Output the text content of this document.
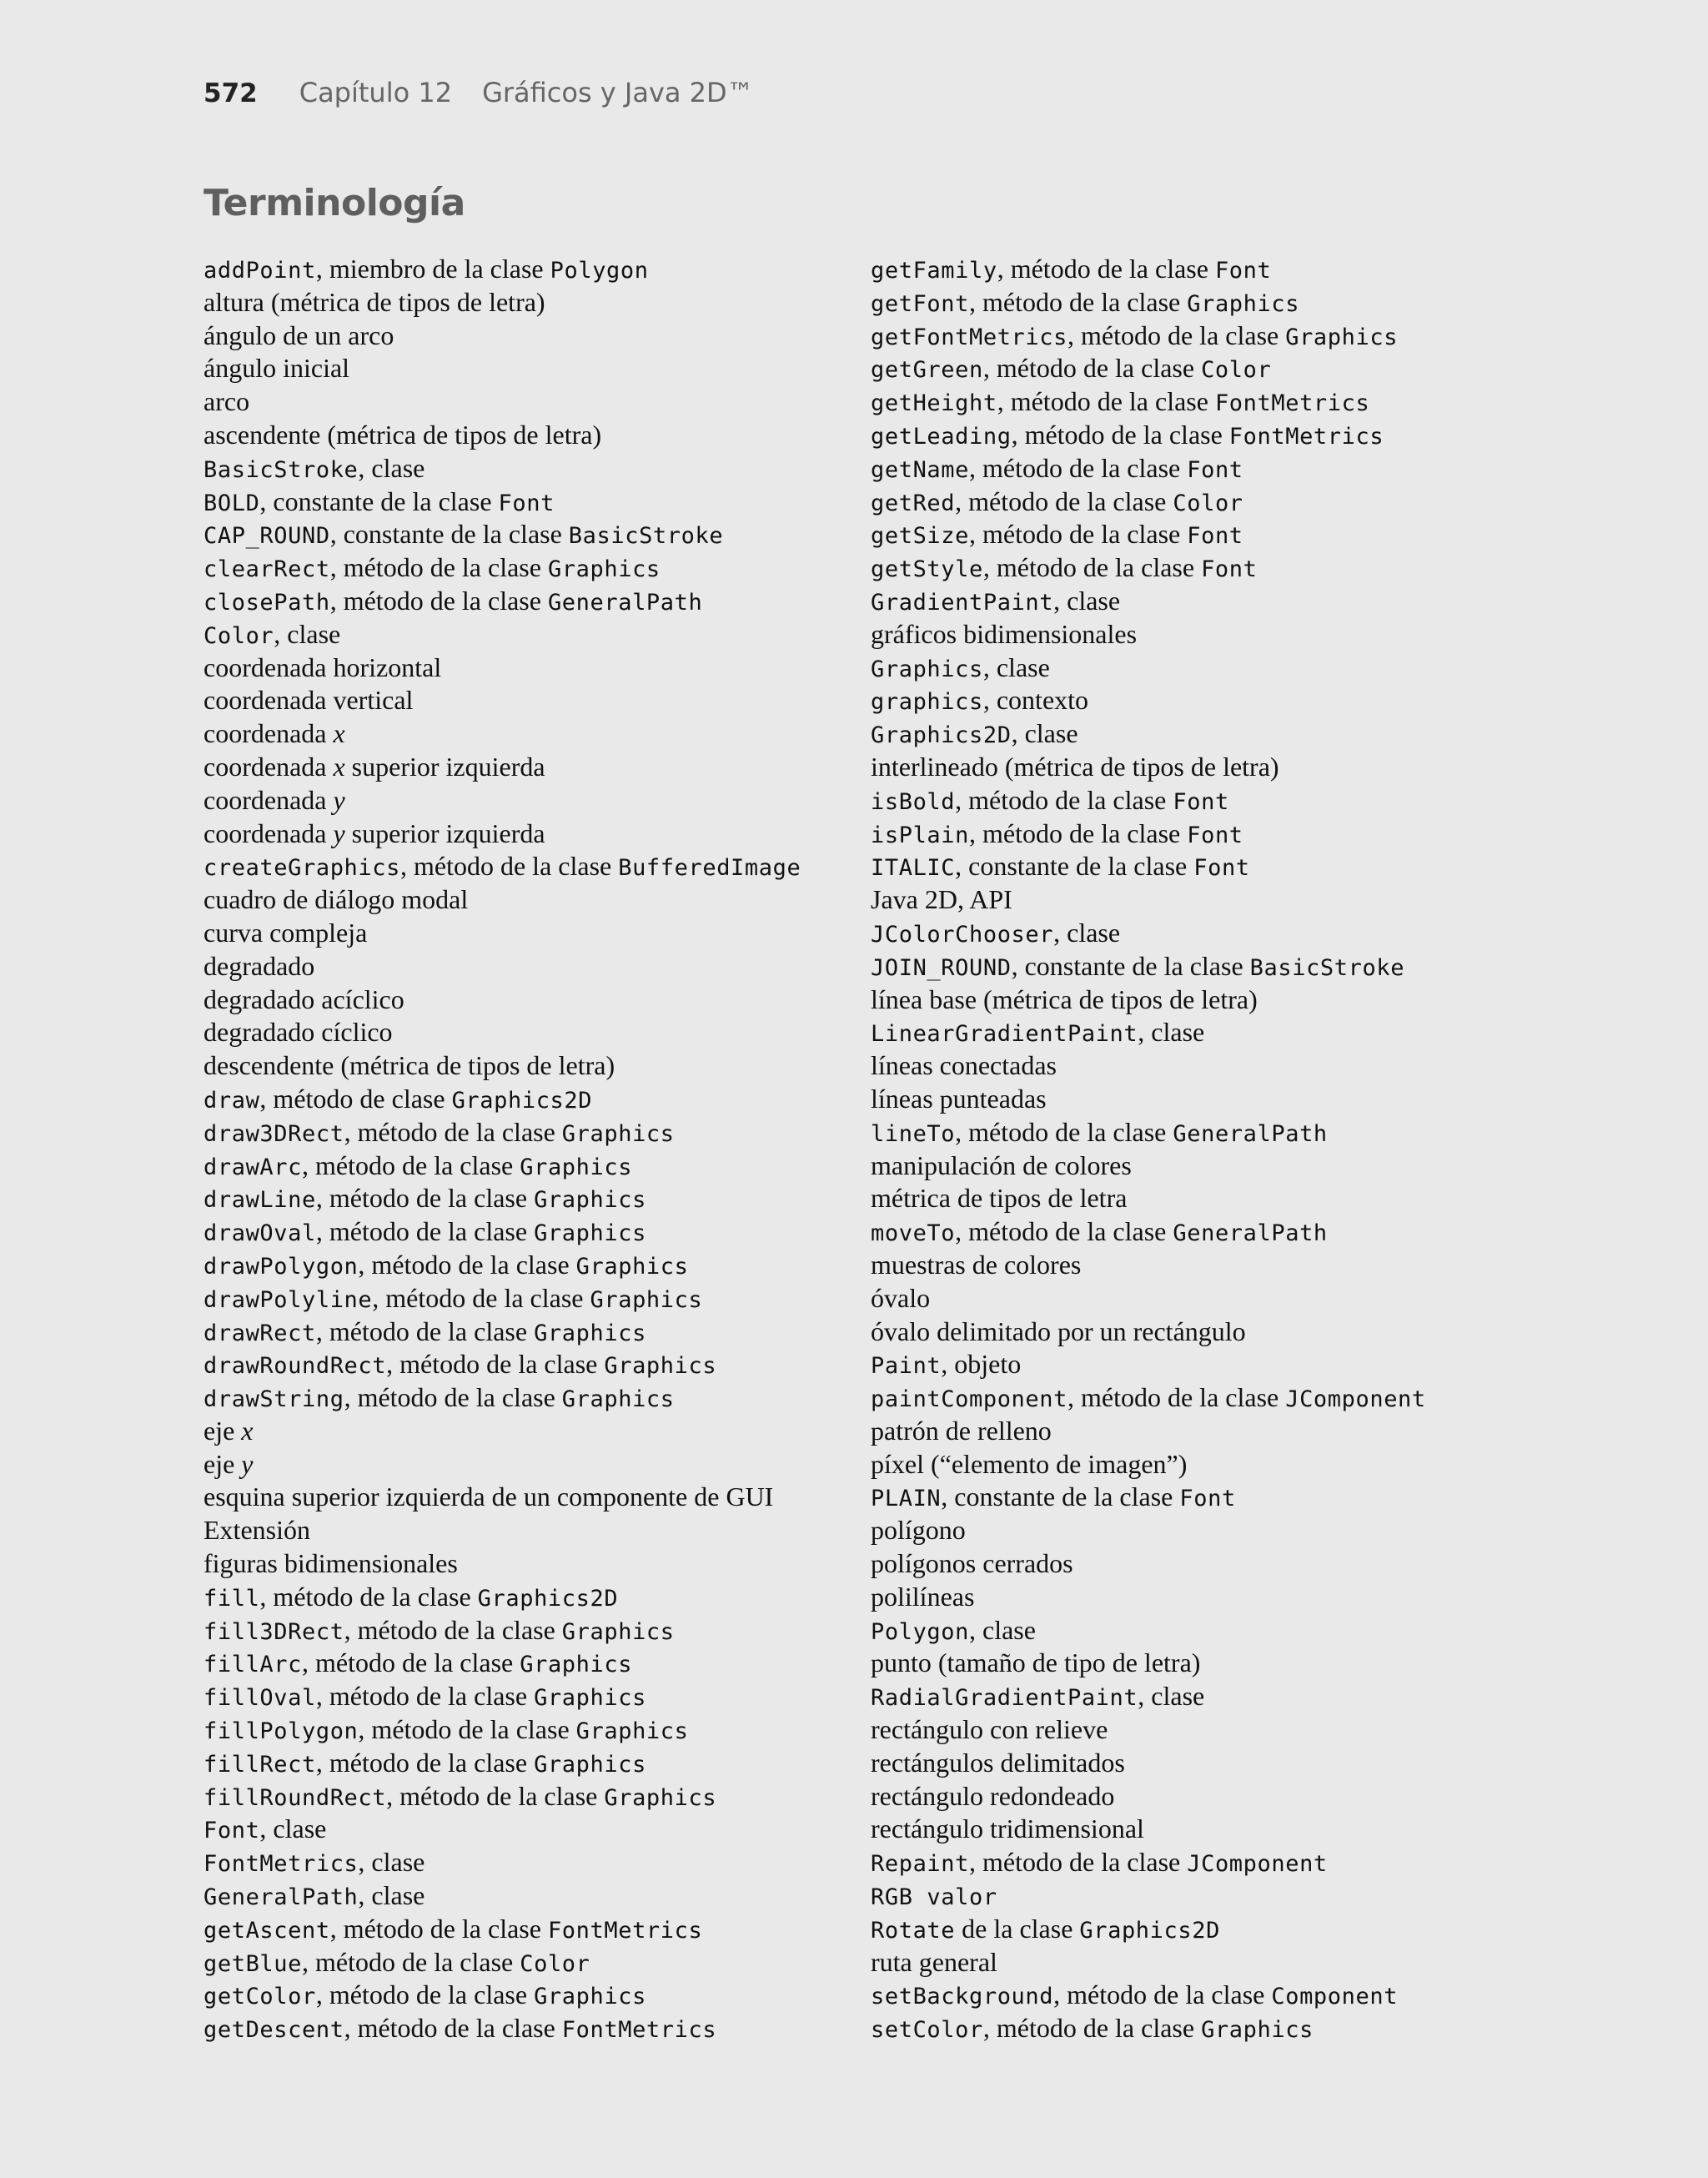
572 Capítulo 12 Gráficos y Java 2D™
Terminología
addPoint, miembro de la clase Polygon
altura (métrica de tipos de letra)
ángulo de un arco
ángulo inicial
arco
ascendente (métrica de tipos de letra)
BasicStroke, clase
BOLD, constante de la clase Font
CAP_ROUND, constante de la clase BasicStroke
clearRect, método de la clase Graphics
closePath, método de la clase GeneralPath
Color, clase
coordenada horizontal
coordenada vertical
coordenada x
coordenada x superior izquierda
coordenada y
coordenada y superior izquierda
createGraphics, método de la clase BufferedImage
cuadro de diálogo modal
curva compleja
degradado
degradado acíclico
degradado cíclico
descendente (métrica de tipos de letra)
draw, método de clase Graphics2D
draw3DRect, método de la clase Graphics
drawArc, método de la clase Graphics
drawLine, método de la clase Graphics
drawOval, método de la clase Graphics
drawPolygon, método de la clase Graphics
drawPolyline, método de la clase Graphics
drawRect, método de la clase Graphics
drawRoundRect, método de la clase Graphics
drawString, método de la clase Graphics
eje x
eje y
esquina superior izquierda de un componente de GUI
Extensión
figuras bidimensionales
fill, método de la clase Graphics2D
fill3DRect, método de la clase Graphics
fillArc, método de la clase Graphics
fillOval, método de la clase Graphics
fillPolygon, método de la clase Graphics
fillRect, método de la clase Graphics
fillRoundRect, método de la clase Graphics
Font, clase
FontMetrics, clase
GeneralPath, clase
getAscent, método de la clase FontMetrics
getBlue, método de la clase Color
getColor, método de la clase Graphics
getDescent, método de la clase FontMetrics
getFamily, método de la clase Font
getFont, método de la clase Graphics
getFontMetrics, método de la clase Graphics
getGreen, método de la clase Color
getHeight, método de la clase FontMetrics
getLeading, método de la clase FontMetrics
getName, método de la clase Font
getRed, método de la clase Color
getSize, método de la clase Font
getStyle, método de la clase Font
GradientPaint, clase
gráficos bidimensionales
Graphics, clase
graphics, contexto
Graphics2D, clase
interlineado (métrica de tipos de letra)
isBold, método de la clase Font
isPlain, método de la clase Font
ITALIC, constante de la clase Font
Java 2D, API
JColorChooser, clase
JOIN_ROUND, constante de la clase BasicStroke
línea base (métrica de tipos de letra)
LinearGradientPaint, clase
líneas conectadas
líneas punteadas
lineTo, método de la clase GeneralPath
manipulación de colores
métrica de tipos de letra
moveTo, método de la clase GeneralPath
muestras de colores
óvalo
óvalo delimitado por un rectángulo
Paint, objeto
paintComponent, método de la clase JComponent
patrón de relleno
píxel (“elemento de imagen”)
PLAIN, constante de la clase Font
polígono
polígonos cerrados
polilíneas
Polygon, clase
punto (tamaño de tipo de letra)
RadialGradientPaint, clase
rectángulo con relieve
rectángulos delimitados
rectángulo redondeado
rectángulo tridimensional
Repaint, método de la clase JComponent
RGB valor
Rotate de la clase Graphics2D
ruta general
setBackground, método de la clase Component
setColor, método de la clase Graphics
